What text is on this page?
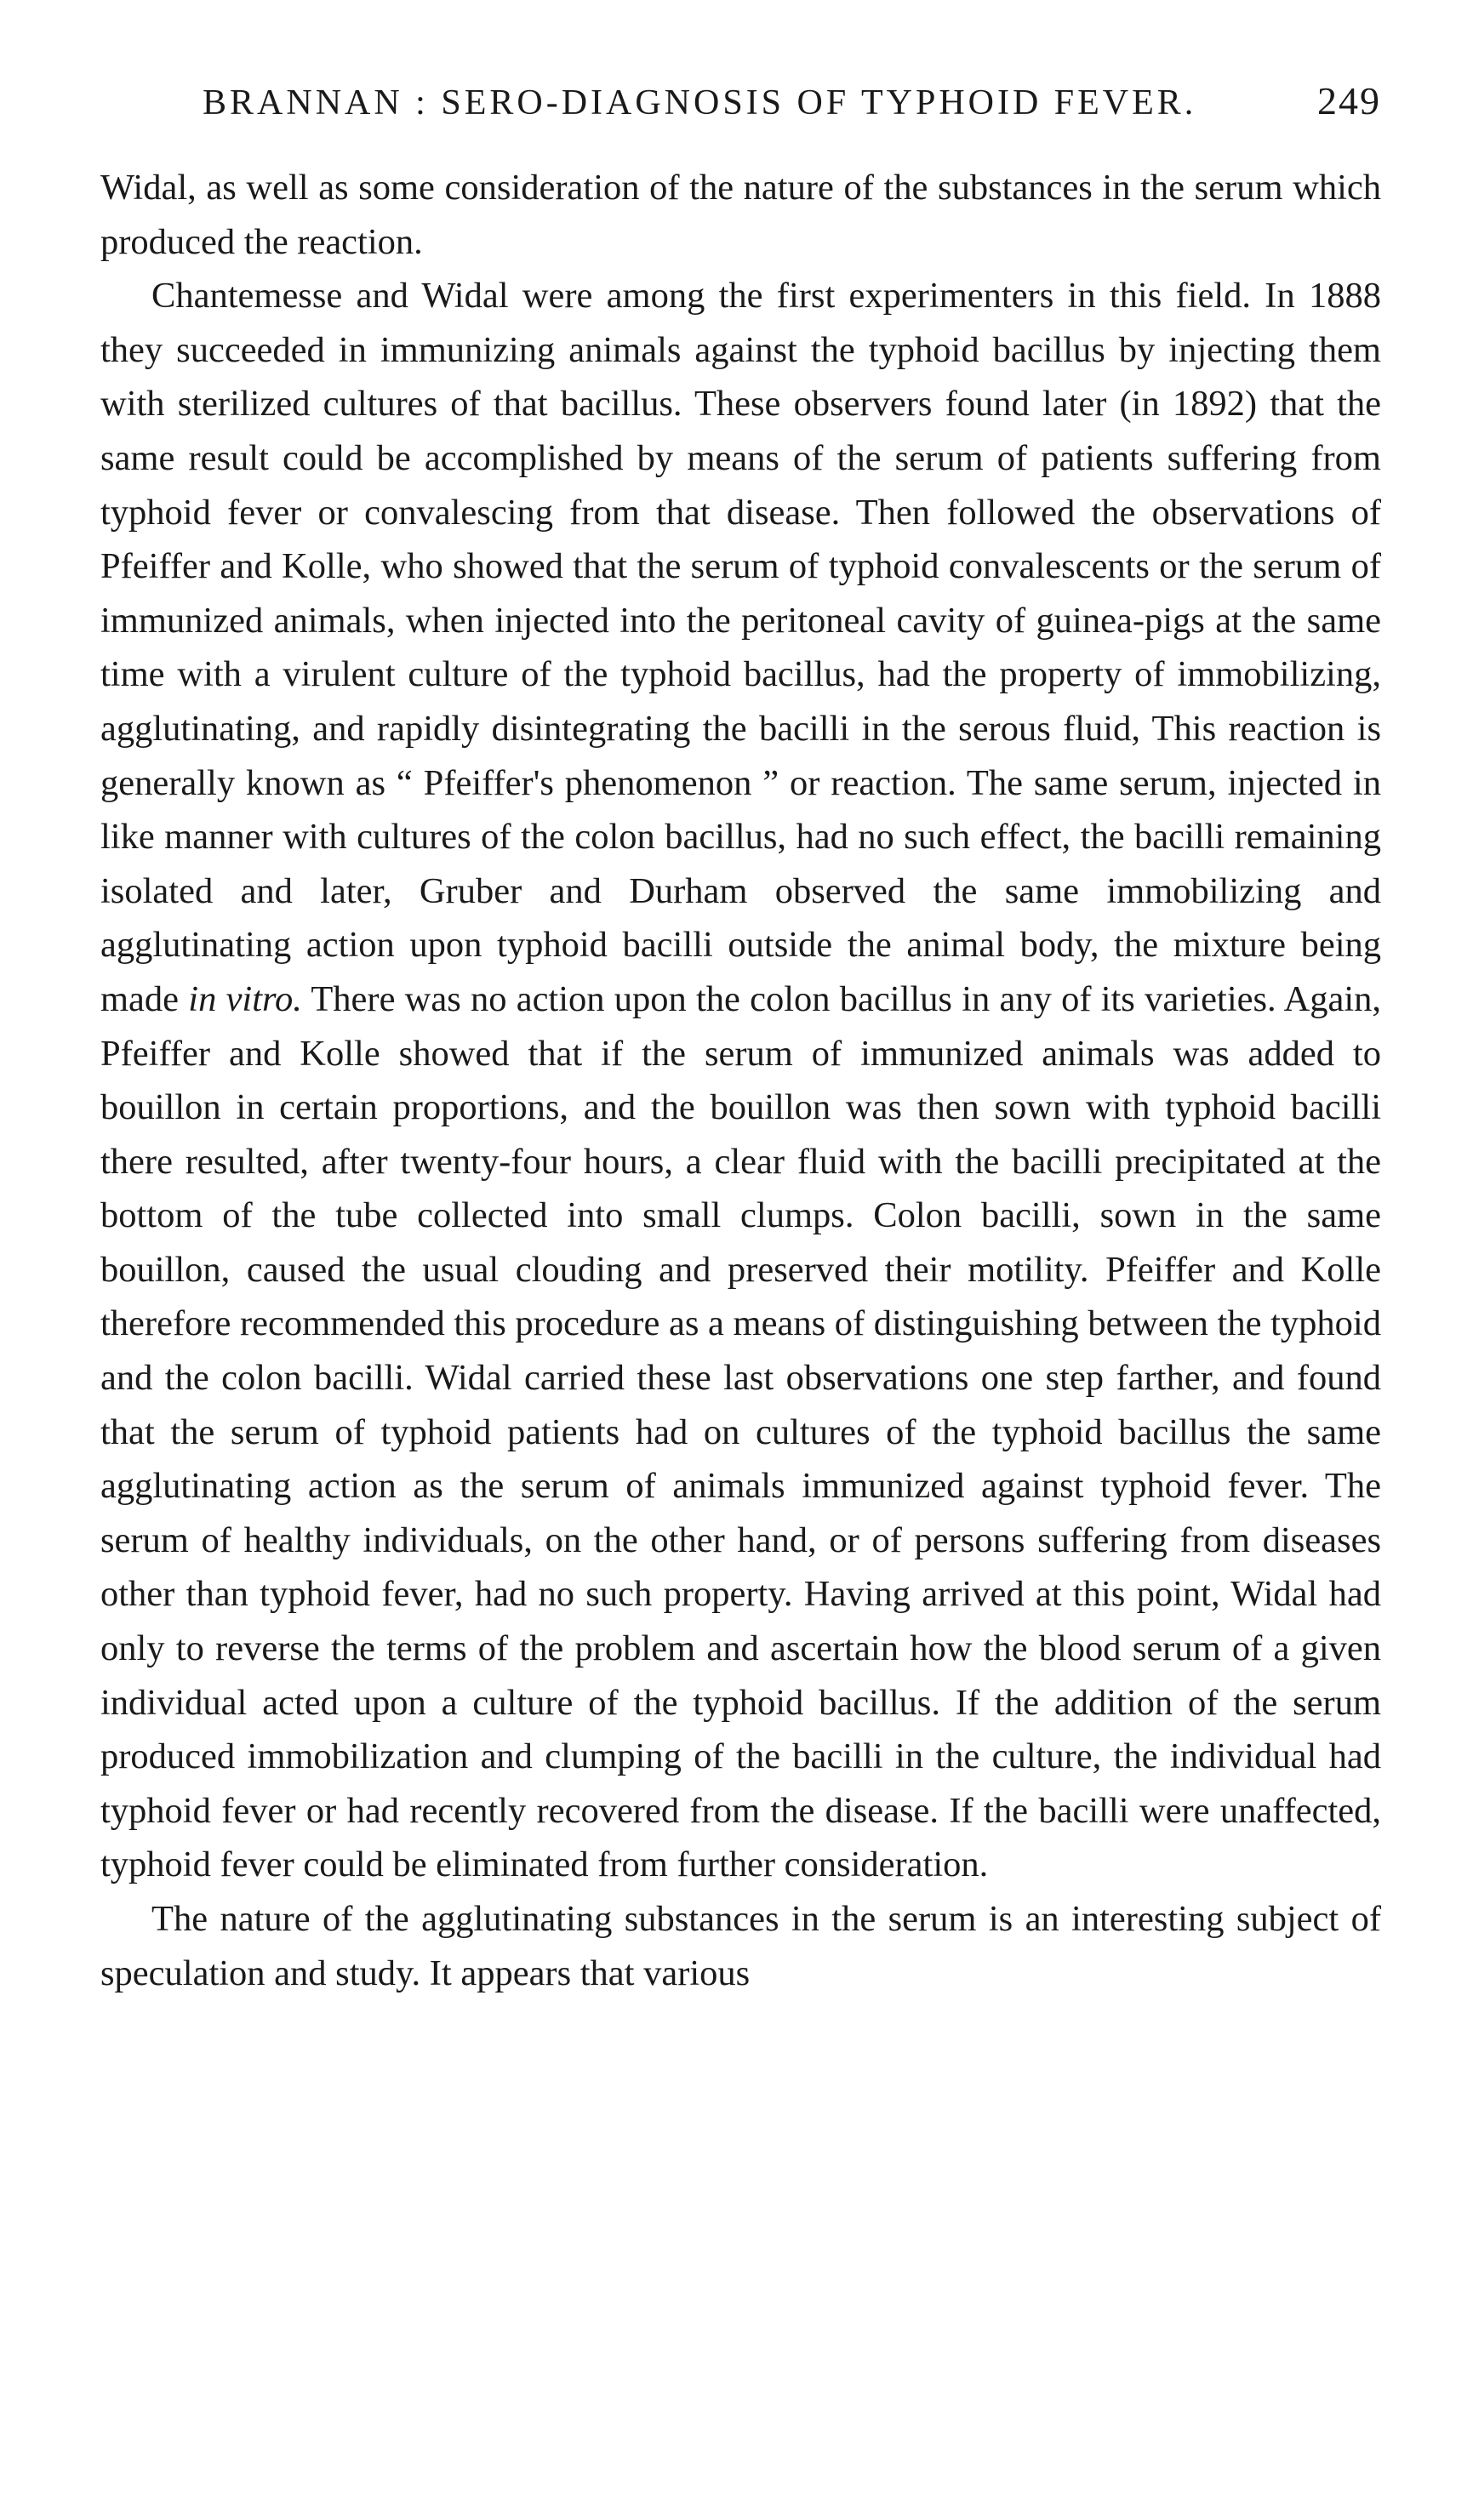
BRANNAN : SERO-DIAGNOSIS OF TYPHOID FEVER.	249

Widal, as well as some consideration of the nature of the substances in the serum which produced the reaction.

Chantemesse and Widal were among the first experimenters in this field. In 1888 they succeeded in immunizing animals against the typhoid bacillus by injecting them with sterilized cultures of that bacillus. These observers found later (in 1892) that the same result could be accomplished by means of the serum of patients suffering from typhoid fever or convalescing from that disease. Then followed the observations of Pfeiffer and Kolle, who showed that the serum of typhoid convalescents or the serum of immunized animals, when injected into the peritoneal cavity of guinea-pigs at the same time with a virulent culture of the typhoid bacillus, had the property of immobilizing, agglutinating, and rapidly disintegrating the bacilli in the serous fluid, This reaction is generally known as “ Pfeiffer's phenomenon ” or reaction. The same serum, injected in like manner with cultures of the colon bacillus, had no such effect, the bacilli remaining isolated and later, Gruber and Durham observed the same immobilizing and agglutinating action upon typhoid bacilli outside the animal body, the mixture being made in vitro. There was no action upon the colon bacillus in any of its varieties. Again, Pfeiffer and Kolle showed that if the serum of immunized animals was added to bouillon in certain proportions, and the bouillon was then sown with typhoid bacilli there resulted, after twenty-four hours, a clear fluid with the bacilli precipitated at the bottom of the tube collected into small clumps. Colon bacilli, sown in the same bouillon, caused the usual clouding and preserved their motility. Pfeiffer and Kolle therefore recommended this procedure as a means of distinguishing between the typhoid and the colon bacilli. Widal carried these last observations one step farther, and found that the serum of typhoid patients had on cultures of the typhoid bacillus the same agglutinating action as the serum of animals immunized against typhoid fever. The serum of healthy individuals, on the other hand, or of persons suffering from diseases other than typhoid fever, had no such property. Having arrived at this point, Widal had only to reverse the terms of the problem and ascertain how the blood serum of a given individual acted upon a culture of the typhoid bacillus. If the addition of the serum produced immobilization and clumping of the bacilli in the culture, the individual had typhoid fever or had recently recovered from the disease. If the bacilli were unaffected, typhoid fever could be eliminated from further consideration.

The nature of the agglutinating substances in the serum is an interesting subject of speculation and study. It appears that various
